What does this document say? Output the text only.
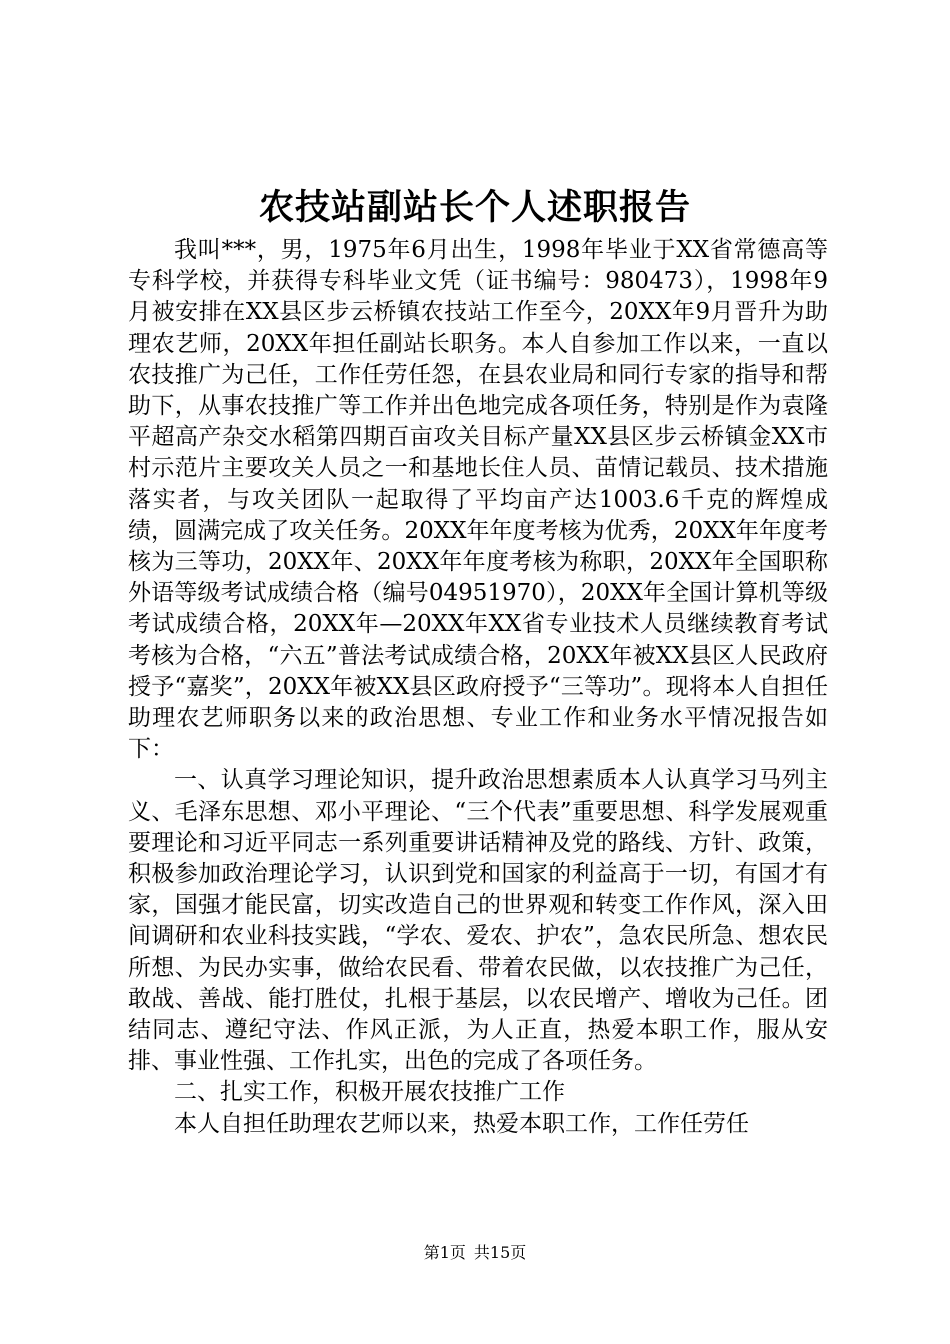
农技站副站长个人述职报告

我叫***，男，1975年6月出生，1998年毕业于XX省常德高等专科学校，并获得专科毕业文凭（证书编号：980473），1998年9月被安排在XX县区步云桥镇农技站工作至今，20XX年9月晋升为助理农艺师，20XX年担任副站长职务。本人自参加工作以来，一直以农技推广为己任，工作任劳任怨，在县农业局和同行专家的指导和帮助下，从事农技推广等工作并出色地完成各项任务，特别是作为袁隆平超高产杂交水稻第四期百亩攻关目标产量XX县区步云桥镇金XX市村示范片主要攻关人员之一和基地长住人员、苗情记载员、技术措施落实者，与攻关团队一起取得了平均亩产达1003.6千克的辉煌成绩，圆满完成了攻关任务。20XX年年度考核为优秀，20XX年年度考核为三等功，20XX年、20XX年年度考核为称职，20XX年全国职称外语等级考试成绩合格（编号04951970），20XX年全国计算机等级考试成绩合格，20XX年—20XX年XX省专业技术人员继续教育考试考核为合格，“六五”普法考试成绩合格，20XX年被XX县区人民政府授予“嘉奖”，20XX年被XX县区政府授予“三等功”。现将本人自担任助理农艺师职务以来的政治思想、专业工作和业务水平情况报告如下：

一、认真学习理论知识，提升政治思想素质本人认真学习马列主义、毛泽东思想、邓小平理论、“三个代表”重要思想、科学发展观重要理论和习近平同志一系列重要讲话精神及党的路线、方针、政策，积极参加政治理论学习，认识到党和国家的利益高于一切，有国才有家，国强才能民富，切实改造自己的世界观和转变工作作风，深入田间调研和农业科技实践，“学农、爱农、护农”，急农民所急、想农民所想、为民办实事，做给农民看、带着农民做，以农技推广为己任，敢战、善战、能打胜仗，扎根于基层，以农民增产、增收为己任。团结同志、遵纪守法、作风正派，为人正直，热爱本职工作，服从安排、事业性强、工作扎实，出色的完成了各项任务。

二、扎实工作，积极开展农技推广工作

本人自担任助理农艺师以来，热爱本职工作，工作任劳任

第1页 共15页
